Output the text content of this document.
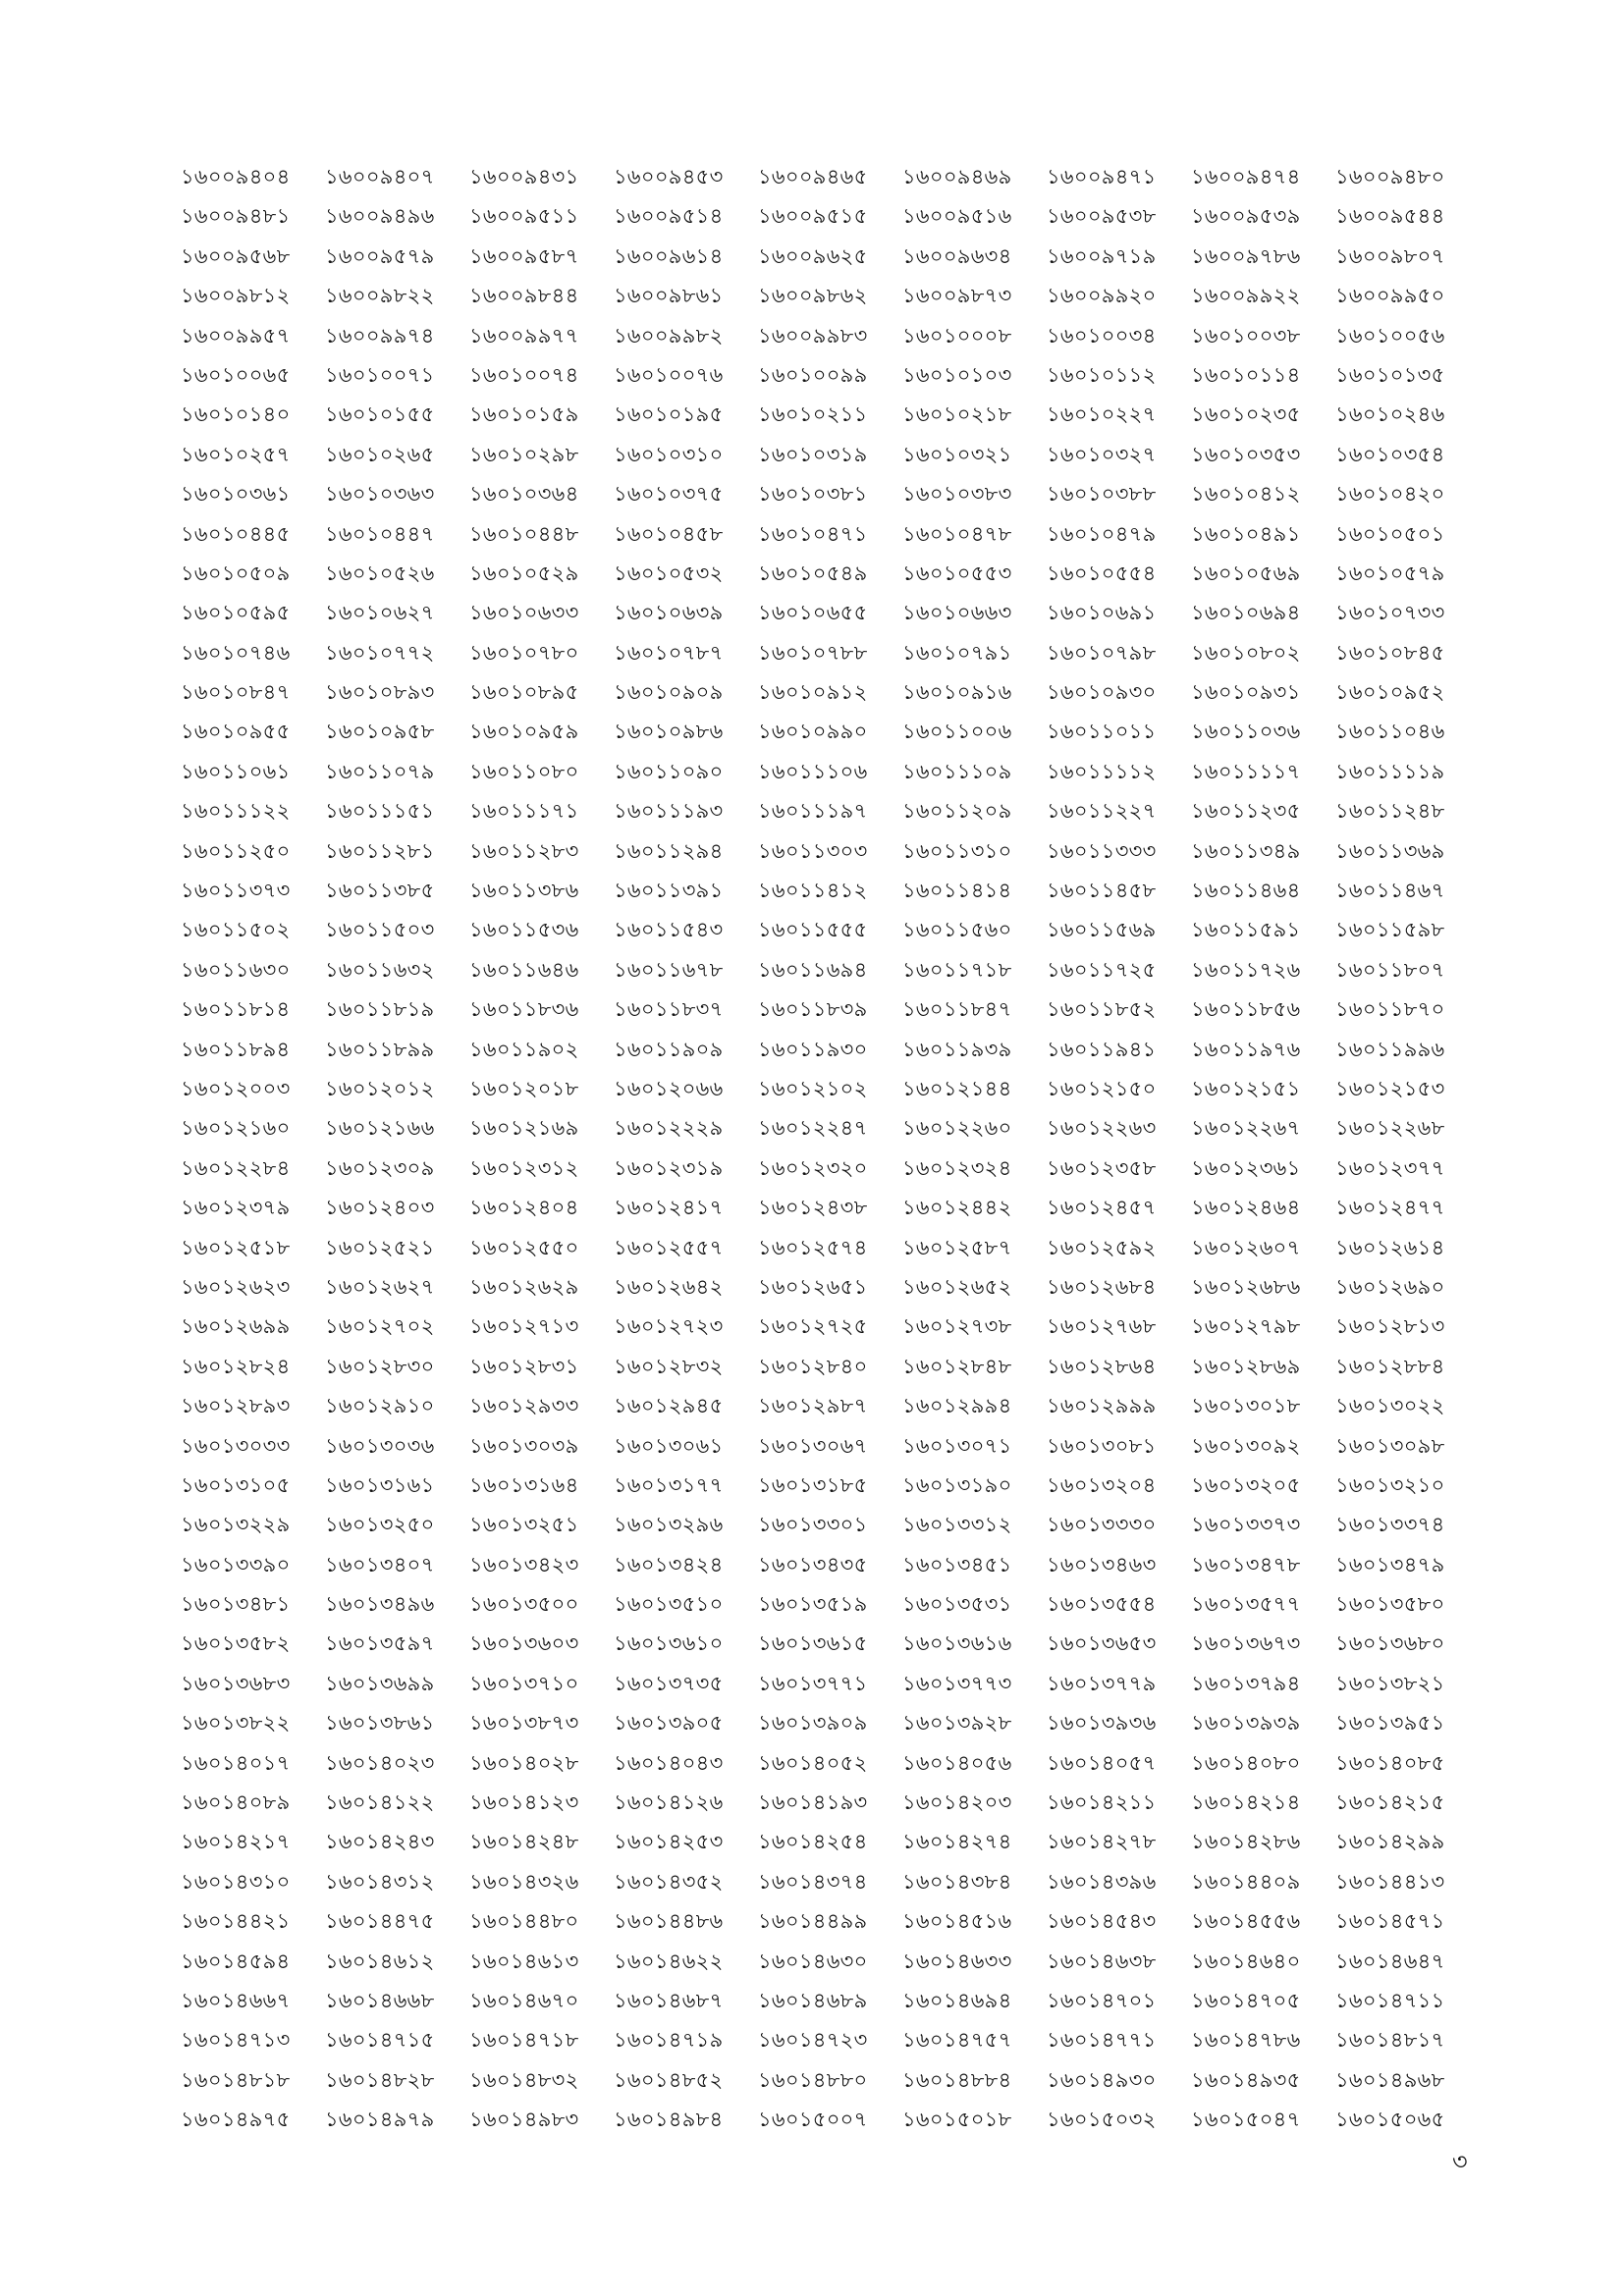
১৬০০৯৪০৪	১৬০০৯৪০৭	১৬০০৯৪৩১	১৬০০৯৪৫৩	১৬০০৯৪৬৫	১৬০০৯৪৬৯	১৬০০৯৪৭১	১৬০০৯৪৭৪	১৬০০৯৪৮০
১৬০০৯৪৮১	১৬০০৯৪৯৬	১৬০০৯৫১১	১৬০০৯৫১৪	১৬০০৯৫১৫	১৬০০৯৫১৬	১৬০০৯৫৩৮	১৬০০৯৫৩৯	১৬০০৯৫৪৪
১৬০০৯৫৬৮	১৬০০৯৫৭৯	১৬০০৯৫৮৭	১৬০০৯৬১৪	১৬০০৯৬২৫	১৬০০৯৬৩৪	১৬০০৯৭১৯	১৬০০৯৭৮৬	১৬০০৯৮০৭
১৬০০৯৮১২	১৬০০৯৮২২	১৬০০৯৮৪৪	১৬০০৯৮৬১	১৬০০৯৮৬২	১৬০০৯৮৭৩	১৬০০৯৯২০	১৬০০৯৯২২	১৬০০৯৯৫০
১৬০০৯৯৫৭	১৬০০৯৯৭৪	১৬০০৯৯৭৭	১৬০০৯৯৮২	১৬০০৯৯৮৩	১৬০১০০০৮	১৬০১০০৩৪	১৬০১০০৩৮	১৬০১০০৫৬
১৬০১০০৬৫	১৬০১০০৭১	১৬০১০০৭৪	১৬০১০০৭৬	১৬০১০০৯৯	১৬০১০১০৩	১৬০১০১১২	১৬০১০১১৪	১৬০১০১৩৫
১৬০১০১৪০	১৬০১০১৫৫	১৬০১০১৫৯	১৬০১০১৯৫	১৬০১০২১১	১৬০১০২১৮	১৬০১০২২৭	১৬০১০২৩৫	১৬০১০২৪৬
১৬০১০২৫৭	১৬০১০২৬৫	১৬০১০২৯৮	১৬০১০৩১০	১৬০১০৩১৯	১৬০১০৩২১	১৬০১০৩২৭	১৬০১০৩৫৩	১৬০১০৩৫৪
১৬০১০৩৬১	১৬০১০৩৬৩	১৬০১০৩৬৪	১৬০১০৩৭৫	১৬০১০৩৮১	১৬০১০৩৮৩	১৬০১০৩৮৮	১৬০১০৪১২	১৬০১০৪২০
১৬০১০৪৪৫	১৬০১০৪৪৭	১৬০১০৪৪৮	১৬০১০৪৫৮	১৬০১০৪৭১	১৬০১০৪৭৮	১৬০১০৪৭৯	১৬০১০৪৯১	১৬০১০৫০১
১৬০১০৫০৯	১৬০১০৫২৬	১৬০১০৫২৯	১৬০১০৫৩২	১৬০১০৫৪৯	১৬০১০৫৫৩	১৬০১০৫৫৪	১৬০১০৫৬৯	১৬০১০৫৭৯
১৬০১০৫৯৫	১৬০১০৬২৭	১৬০১০৬৩৩	১৬০১০৬৩৯	১৬০১০৬৫৫	১৬০১০৬৬৩	১৬০১০৬৯১	১৬০১০৬৯৪	১৬০১০৭৩৩
১৬০১০৭৪৬	১৬০১০৭৭২	১৬০১০৭৮০	১৬০১০৭৮৭	১৬০১০৭৮৮	১৬০১০৭৯১	১৬০১০৭৯৮	১৬০১০৮০২	১৬০১০৮৪৫
১৬০১০৮৪৭	১৬০১০৮৯৩	১৬০১০৮৯৫	১৬০১০৯০৯	১৬০১০৯১২	১৬০১০৯১৬	১৬০১০৯৩০	১৬০১০৯৩১	১৬০১০৯৫২
১৬০১০৯৫৫	১৬০১০৯৫৮	১৬০১০৯৫৯	১৬০১০৯৮৬	১৬০১০৯৯০	১৬০১১০০৬	১৬০১১০১১	১৬০১১০৩৬	১৬০১১০৪৬
১৬০১১০৬১	১৬০১১০৭৯	১৬০১১০৮০	১৬০১১০৯০	১৬০১১১০৬	১৬০১১১০৯	১৬০১১১১২	১৬০১১১১৭	১৬০১১১১৯
১৬০১১১২২	১৬০১১১৫১	১৬০১১১৭১	১৬০১১১৯৩	১৬০১১১৯৭	১৬০১১২০৯	১৬০১১২২৭	১৬০১১২৩৫	১৬০১১২৪৮
১৬০১১২৫০	১৬০১১২৮১	১৬০১১২৮৩	১৬০১১২৯৪	১৬০১১৩০৩	১৬০১১৩১০	১৬০১১৩৩৩	১৬০১১৩৪৯	১৬০১১৩৬৯
১৬০১১৩৭৩	১৬০১১৩৮৫	১৬০১১৩৮৬	১৬০১১৩৯১	১৬০১১৪১২	১৬০১১৪১৪	১৬০১১৪৫৮	১৬০১১৪৬৪	১৬০১১৪৬৭
১৬০১১৫০২	১৬০১১৫০৩	১৬০১১৫৩৬	১৬০১১৫৪৩	১৬০১১৫৫৫	১৬০১১৫৬০	১৬০১১৫৬৯	১৬০১১৫৯১	১৬০১১৫৯৮
১৬০১১৬৩০	১৬০১১৬৩২	১৬০১১৬৪৬	১৬০১১৬৭৮	১৬০১১৬৯৪	১৬০১১৭১৮	১৬০১১৭২৫	১৬০১১৭২৬	১৬০১১৮০৭
১৬০১১৮১৪	১৬০১১৮১৯	১৬০১১৮৩৬	১৬০১১৮৩৭	১৬০১১৮৩৯	১৬০১১৮৪৭	১৬০১১৮৫২	১৬০১১৮৫৬	১৬০১১৮৭০
১৬০১১৮৯৪	১৬০১১৮৯৯	১৬০১১৯০২	১৬০১১৯০৯	১৬০১১৯৩০	১৬০১১৯৩৯	১৬০১১৯৪১	১৬০১১৯৭৬	১৬০১১৯৯৬
১৬০১২০০৩	১৬০১২০১২	১৬০১২০১৮	১৬০১২০৬৬	১৬০১২১০২	১৬০১২১৪৪	১৬০১২১৫০	১৬০১২১৫১	১৬০১২১৫৩
১৬০১২১৬০	১৬০১২১৬৬	১৬০১২১৬৯	১৬০১২২২৯	১৬০১২২৪৭	১৬০১২২৬০	১৬০১২২৬৩	১৬০১২২৬৭	১৬০১২২৬৮
১৬০১২২৮৪	১৬০১২৩০৯	১৬০১২৩১২	১৬০১২৩১৯	১৬০১২৩২০	১৬০১২৩২৪	১৬০১২৩৫৮	১৬০১২৩৬১	১৬০১২৩৭৭
১৬০১২৩৭৯	১৬০১২৪০৩	১৬০১২৪০৪	১৬০১২৪১৭	১৬০১২৪৩৮	১৬০১২৪৪২	১৬০১২৪৫৭	১৬০১২৪৬৪	১৬০১২৪৭৭
১৬০১২৫১৮	১৬০১২৫২১	১৬০১২৫৫০	১৬০১২৫৫৭	১৬০১২৫৭৪	১৬০১২৫৮৭	১৬০১২৫৯২	১৬০১২৬০৭	১৬০১২৬১৪
১৬০১২৬২৩	১৬০১২৬২৭	১৬০১২৬২৯	১৬০১২৬৪২	১৬০১২৬৫১	১৬০১২৬৫২	১৬০১২৬৮৪	১৬০১২৬৮৬	১৬০১২৬৯০
১৬০১২৬৯৯	১৬০১২৭০২	১৬০১২৭১৩	১৬০১২৭২৩	১৬০১২৭২৫	১৬০১২৭৩৮	১৬০১২৭৬৮	১৬০১২৭৯৮	১৬০১২৮১৩
১৬০১২৮২৪	১৬০১২৮৩০	১৬০১২৮৩১	১৬০১২৮৩২	১৬০১২৮৪০	১৬০১২৮৪৮	১৬০১২৮৬৪	১৬০১২৮৬৯	১৬০১২৮৮৪
১৬০১২৮৯৩	১৬০১২৯১০	১৬০১২৯৩৩	১৬০১২৯৪৫	১৬০১২৯৮৭	১৬০১২৯৯৪	১৬০১২৯৯৯	১৬০১৩০১৮	১৬০১৩০২২
১৬০১৩০৩৩	১৬০১৩০৩৬	১৬০১৩০৩৯	১৬০১৩০৬১	১৬০১৩০৬৭	১৬০১৩০৭১	১৬০১৩০৮১	১৬০১৩০৯২	১৬০১৩০৯৮
১৬০১৩১০৫	১৬০১৩১৬১	১৬০১৩১৬৪	১৬০১৩১৭৭	১৬০১৩১৮৫	১৬০১৩১৯০	১৬০১৩২০৪	১৬০১৩২০৫	১৬০১৩২১০
১৬০১৩২২৯	১৬০১৩২৫০	১৬০১৩২৫১	১৬০১৩২৯৬	১৬০১৩৩০১	১৬০১৩৩১২	১৬০১৩৩৩০	১৬০১৩৩৭৩	১৬০১৩৩৭৪
১৬০১৩৩৯০	১৬০১৩৪০৭	১৬০১৩৪২৩	১৬০১৩৪২৪	১৬০১৩৪৩৫	১৬০১৩৪৫১	১৬০১৩৪৬৩	১৬০১৩৪৭৮	১৬০১৩৪৭৯
১৬০১৩৪৮১	১৬০১৩৪৯৬	১৬০১৩৫০০	১৬০১৩৫১০	১৬০১৩৫১৯	১৬০১৩৫৩১	১৬০১৩৫৫৪	১৬০১৩৫৭৭	১৬০১৩৫৮০
১৬০১৩৫৮২	১৬০১৩৫৯৭	১৬০১৩৬০৩	১৬০১৩৬১০	১৬০১৩৬১৫	১৬০১৩৬১৬	১৬০১৩৬৫৩	১৬০১৩৬৭৩	১৬০১৩৬৮০
১৬০১৩৬৮৩	১৬০১৩৬৯৯	১৬০১৩৭১০	১৬০১৩৭৩৫	১৬০১৩৭৭১	১৬০১৩৭৭৩	১৬০১৩৭৭৯	১৬০১৩৭৯৪	১৬০১৩৮২১
১৬০১৩৮২২	১৬০১৩৮৬১	১৬০১৩৮৭৩	১৬০১৩৯০৫	১৬০১৩৯০৯	১৬০১৩৯২৮	১৬০১৩৯৩৬	১৬০১৩৯৩৯	১৬০১৩৯৫১
১৬০১৪০১৭	১৬০১৪০২৩	১৬০১৪০২৮	১৬০১৪০৪৩	১৬০১৪০৫২	১৬০১৪০৫৬	১৬০১৪০৫৭	১৬০১৪০৮০	১৬০১৪০৮৫
১৬০১৪০৮৯	১৬০১৪১২২	১৬০১৪১২৩	১৬০১৪১২৬	১৬০১৪১৯৩	১৬০১৪২০৩	১৬০১৪২১১	১৬০১৪২১৪	১৬০১৪২১৫
১৬০১৪২১৭	১৬০১৪২৪৩	১৬০১৪২৪৮	১৬০১৪২৫৩	১৬০১৪২৫৪	১৬০১৪২৭৪	১৬০১৪২৭৮	১৬০১৪২৮৬	১৬০১৪২৯৯
১৬০১৪৩১০	১৬০১৪৩১২	১৬০১৪৩২৬	১৬০১৪৩৫২	১৬০১৪৩৭৪	১৬০১৪৩৮৪	১৬০১৪৩৯৬	১৬০১৪৪০৯	১৬০১৪৪১৩
১৬০১৪৪২১	১৬০১৪৪৭৫	১৬০১৪৪৮০	১৬০১৪৪৮৬	১৬০১৪৪৯৯	১৬০১৪৫১৬	১৬০১৪৫৪৩	১৬০১৪৫৫৬	১৬০১৪৫৭১
১৬০১৪৫৯৪	১৬০১৪৬১২	১৬০১৪৬১৩	১৬০১৪৬২২	১৬০১৪৬৩০	১৬০১৪৬৩৩	১৬০১৪৬৩৮	১৬০১৪৬৪০	১৬০১৪৬৪৭
১৬০১৪৬৬৭	১৬০১৪৬৬৮	১৬০১৪৬৭০	১৬০১৪৬৮৭	১৬০১৪৬৮৯	১৬০১৪৬৯৪	১৬০১৪৭০১	১৬০১৪৭০৫	১৬০১৪৭১১
১৬০১৪৭১৩	১৬০১৪৭১৫	১৬০১৪৭১৮	১৬০১৪৭১৯	১৬০১৪৭২৩	১৬০১৪৭৫৭	১৬০১৪৭৭১	১৬০১৪৭৮৬	১৬০১৪৮১৭
১৬০১৪৮১৮	১৬০১৪৮২৮	১৬০১৪৮৩২	১৬০১৪৮৫২	১৬০১৪৮৮০	১৬০১৪৮৮৪	১৬০১৪৯৩০	১৬০১৪৯৩৫	১৬০১৪৯৬৮
১৬০১৪৯৭৫	১৬০১৪৯৭৯	১৬০১৪৯৮৩	১৬০১৪৯৮৪	১৬০১৫০০৭	১৬০১৫০১৮	১৬০১৫০৩২	১৬০১৫০৪৭	১৬০১৫০৬৫
৩
